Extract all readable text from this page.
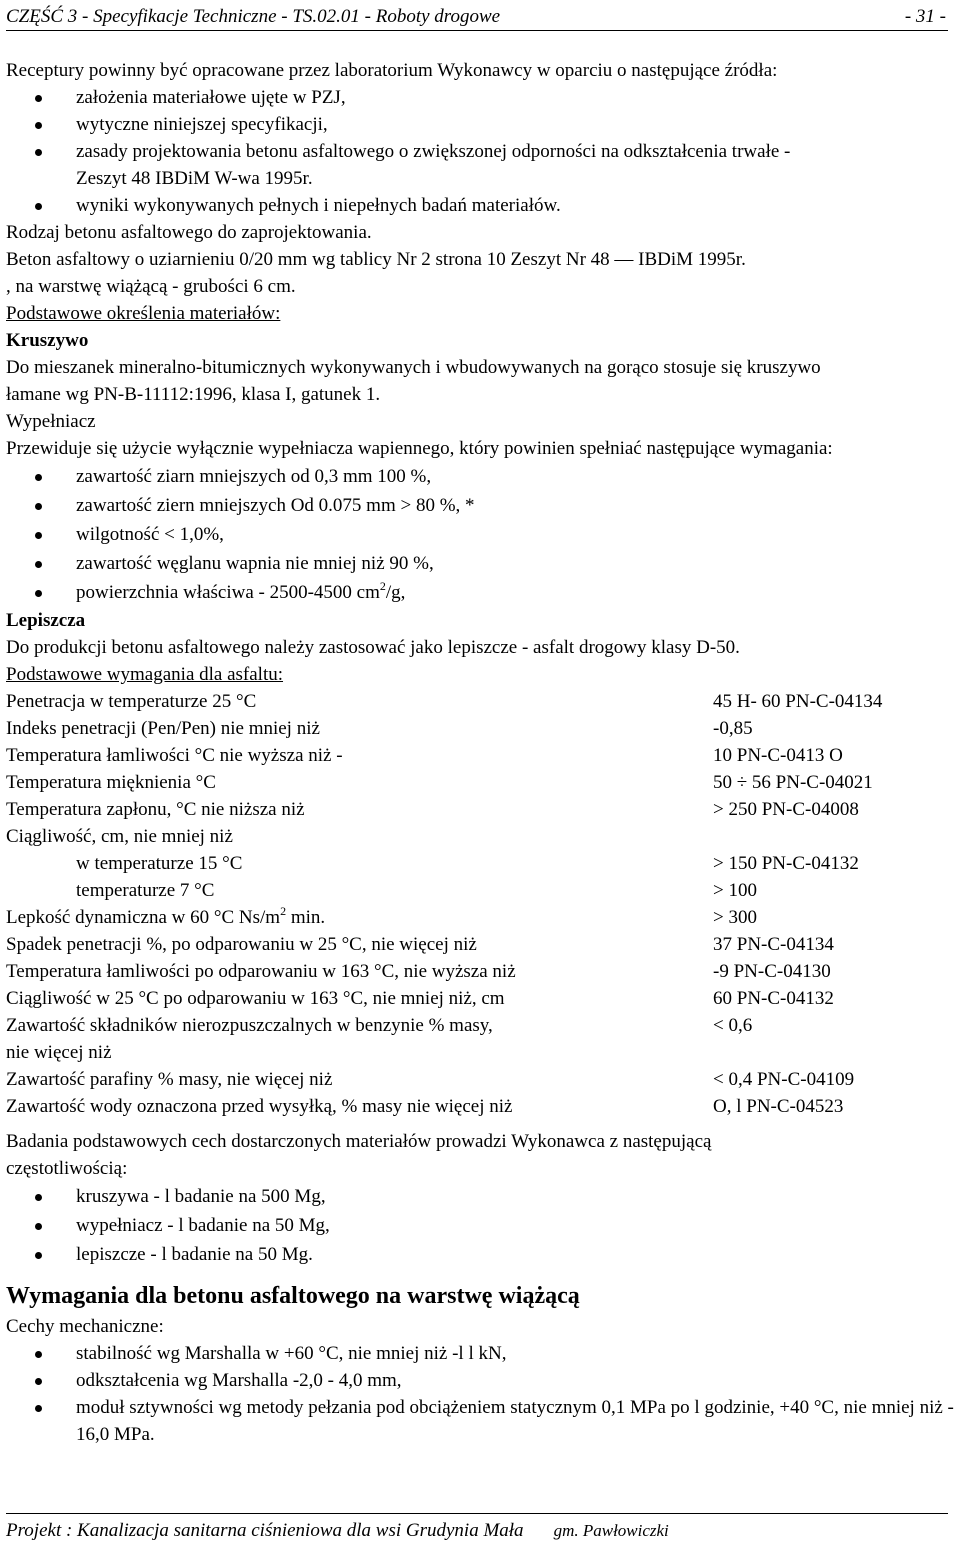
CZĘŚĆ 3 - Specyfikacje Techniczne - TS.02.01 - Roboty drogowe	- 31 -
Receptury powinny być opracowane przez laboratorium Wykonawcy w oparciu o następujące źródła:
założenia materiałowe ujęte w PZJ,
wytyczne niniejszej specyfikacji,
zasady projektowania betonu asfaltowego o zwiększonej odporności na odkształcenia trwałe -
Zeszyt 48 IBDiM W-wa 1995r.
wyniki wykonywanych pełnych i niepełnych badań materiałów.
Rodzaj betonu asfaltowego do zaprojektowania.
Beton asfaltowy o uziarnieniu 0/20 mm wg tablicy Nr 2 strona 10 Zeszyt Nr 48 — IBDiM 1995r.
, na warstwę wiążącą - grubości 6 cm.
Podstawowe określenia materiałów:
Kruszywo
Do mieszanek mineralno-bitumicznych wykonywanych i wbudowywanych na gorąco stosuje się kruszywo
łamane wg PN-B-11112:1996, klasa I, gatunek 1.
Wypełniacz
Przewiduje się użycie wyłącznie wypełniacza wapiennego, który powinien spełniać następujące wymagania:
zawartość ziarn mniejszych od 0,3 mm 100 %,
zawartość ziern mniejszych Od 0.075 mm > 80 %, *
wilgotność < 1,0%,
zawartość węglanu wapnia nie mniej niż 90 %,
powierzchnia właściwa - 2500-4500 $cm^2/g$,
Lepiszcza
Do produkcji betonu asfaltowego należy zastosować jako lepiszcze - asfalt drogowy klasy D-50.
Podstawowe wymagania dla asfaltu:
Penetracja w temperaturze 25 °C	45 H- 60 PN-C-04134
Indeks penetracji (Pen/Pen) nie mniej niż	-0,85
Temperatura łamliwości °C nie wyższa niż -	10 PN-C-0413 O
Temperatura mięknienia °C	50 ÷ 56 PN-C-04021
Temperatura zapłonu, °C nie niższa niż	> 250 PN-C-04008
Ciągliwość, cm, nie mniej niż
w temperaturze 15 °C	> 150 PN-C-04132
temperaturze 7 °C	> 100
Lepkość dynamiczna w 60 °C $Ns/m^2$ min.	> 300
Spadek penetracji %, po odparowaniu w 25 °C, nie więcej niż	37 PN-C-04134
Temperatura łamliwości po odparowaniu w 163 °C, nie wyższa niż	-9 PN-C-04130
Ciągliwość w 25 °C po odparowaniu w 163 °C, nie mniej niż, cm	60 PN-C-04132
Zawartość składników nierozpuszczalnych w benzynie % masy,	< 0,6
nie więcej niż
Zawartość parafiny % masy, nie więcej niż	< 0,4 PN-C-04109
Zawartość wody oznaczona przed wysyłką, % masy nie więcej niż	O, l PN-C-04523
Badania podstawowych cech dostarczonych materiałów prowadzi Wykonawca z następującą
częstotliwością:
kruszywa - l badanie na 500 Mg,
wypełniacz - l badanie na 50 Mg,
lepiszcze - l badanie na 50 Mg.
Wymagania dla betonu asfaltowego na warstwę wiążącą
Cechy mechaniczne:
stabilność wg Marshalla w +60 °C, nie mniej niż -l l kN,
odkształcenia wg Marshalla -2,0 - 4,0 mm,
moduł sztywności wg metody pełzania pod obciążeniem statycznym 0,1 MPa po l godzinie, +40 °C, nie mniej niż - 16,0 MPa.
Projekt : Kanalizacja sanitarna ciśnieniowa dla wsi Grudynia Mała gm. Pawłowiczki
